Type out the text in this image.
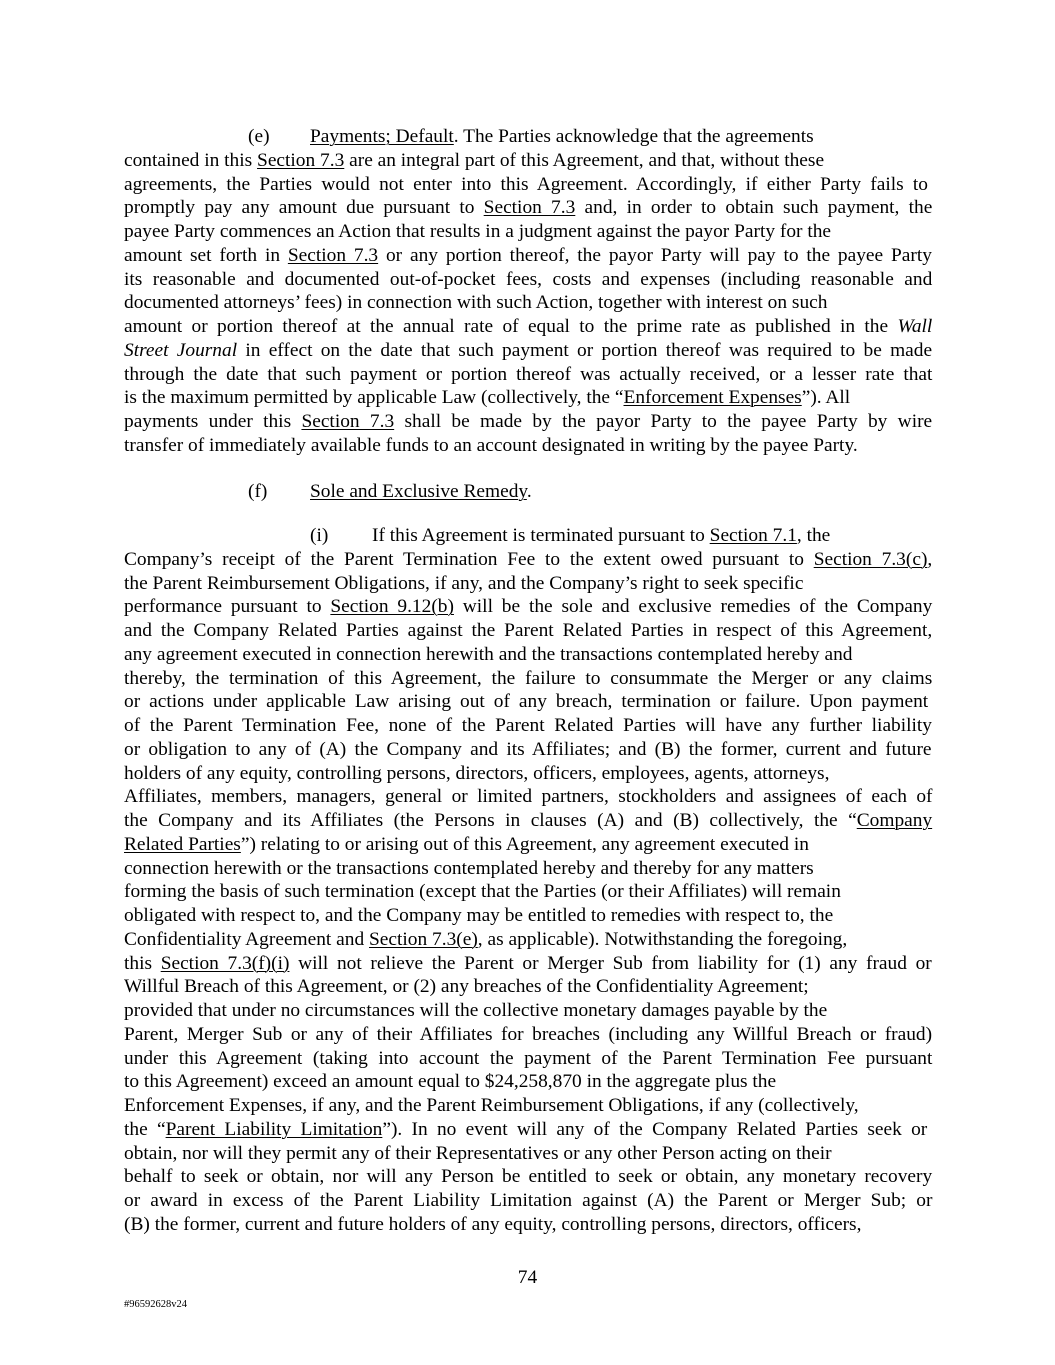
(e) Payments; Default. The Parties acknowledge that the agreements
contained in this Section 7.3 are an integral part of this Agreement, and that, without these
agreements, the Parties would not enter into this Agreement. Accordingly, if either Party fails to
promptly pay any amount due pursuant to Section 7.3 and, in order to obtain such payment, the
payee Party commences an Action that results in a judgment against the payor Party for the
amount set forth in Section 7.3 or any portion thereof, the payor Party will pay to the payee Party
its reasonable and documented out-of-pocket fees, costs and expenses (including reasonable and
documented attorneys’ fees) in connection with such Action, together with interest on such
amount or portion thereof at the annual rate of equal to the prime rate as published in the Wall
Street Journal in effect on the date that such payment or portion thereof was required to be made
through the date that such payment or portion thereof was actually received, or a lesser rate that
is the maximum permitted by applicable Law (collectively, the “Enforcement Expenses”). All
payments under this Section 7.3 shall be made by the payor Party to the payee Party by wire
transfer of immediately available funds to an account designated in writing by the payee Party.
(f) Sole and Exclusive Remedy.
(i) If this Agreement is terminated pursuant to Section 7.1, the
Company’s receipt of the Parent Termination Fee to the extent owed pursuant to Section 7.3(c),
the Parent Reimbursement Obligations, if any, and the Company’s right to seek specific
performance pursuant to Section 9.12(b) will be the sole and exclusive remedies of the Company
and the Company Related Parties against the Parent Related Parties in respect of this Agreement,
any agreement executed in connection herewith and the transactions contemplated hereby and
thereby, the termination of this Agreement, the failure to consummate the Merger or any claims
or actions under applicable Law arising out of any breach, termination or failure. Upon payment
of the Parent Termination Fee, none of the Parent Related Parties will have any further liability
or obligation to any of (A) the Company and its Affiliates; and (B) the former, current and future
holders of any equity, controlling persons, directors, officers, employees, agents, attorneys,
Affiliates, members, managers, general or limited partners, stockholders and assignees of each of
the Company and its Affiliates (the Persons in clauses (A) and (B) collectively, the “Company
Related Parties”) relating to or arising out of this Agreement, any agreement executed in
connection herewith or the transactions contemplated hereby and thereby for any matters
forming the basis of such termination (except that the Parties (or their Affiliates) will remain
obligated with respect to, and the Company may be entitled to remedies with respect to, the
Confidentiality Agreement and Section 7.3(e), as applicable). Notwithstanding the foregoing,
this Section 7.3(f)(i) will not relieve the Parent or Merger Sub from liability for (1) any fraud or
Willful Breach of this Agreement, or (2) any breaches of the Confidentiality Agreement;
provided that under no circumstances will the collective monetary damages payable by the
Parent, Merger Sub or any of their Affiliates for breaches (including any Willful Breach or fraud)
under this Agreement (taking into account the payment of the Parent Termination Fee pursuant
to this Agreement) exceed an amount equal to $24,258,870 in the aggregate plus the
Enforcement Expenses, if any, and the Parent Reimbursement Obligations, if any (collectively,
the “Parent Liability Limitation”). In no event will any of the Company Related Parties seek or
obtain, nor will they permit any of their Representatives or any other Person acting on their
behalf to seek or obtain, nor will any Person be entitled to seek or obtain, any monetary recovery
or award in excess of the Parent Liability Limitation against (A) the Parent or Merger Sub; or
(B) the former, current and future holders of any equity, controlling persons, directors, officers,
74
#96592628v24
